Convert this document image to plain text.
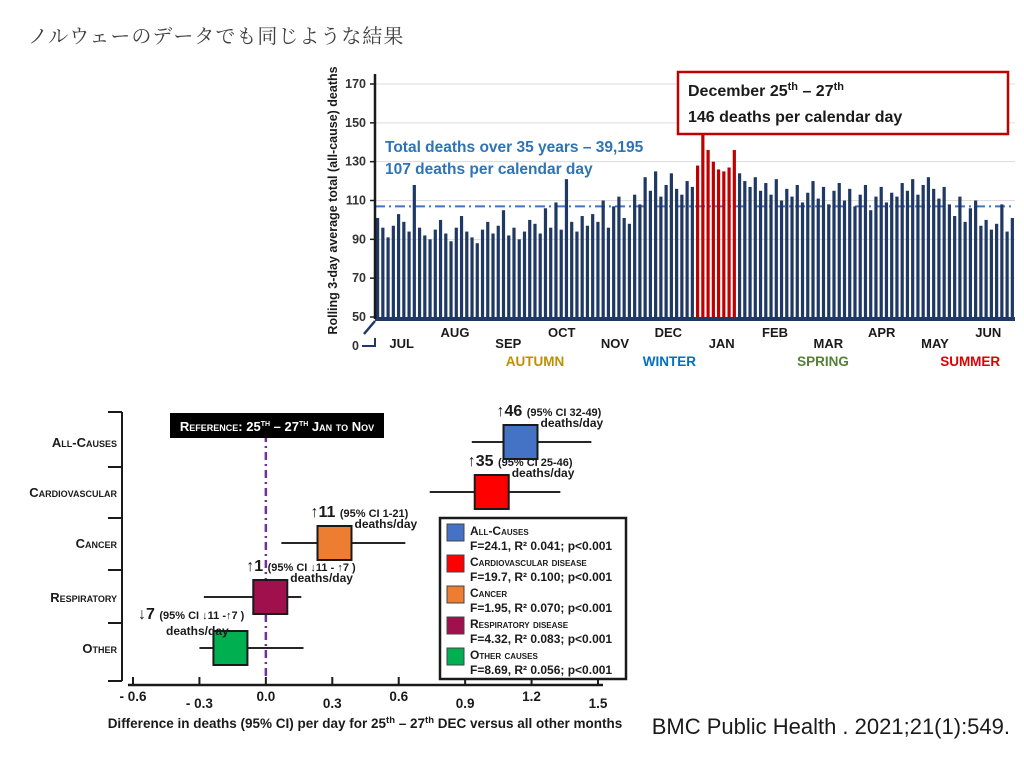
ノルウェーのデータでも同じような結果
50
70
90
110
130
150
170
0
Rolling 3-day average total (all-cause) deaths
JUL
AUG
SEP
OCT
NOV
DEC
JAN
FEB
MAR
APR
MAY
JUN
AUTUMN	WINTER	SPRING	SUMMER
Total deaths over 35 years – 39,195
107 deaths per calendar day
December 25th – 27th
146 deaths per calendar day
All-Causes
Cardiovascular
Cancer
Respiratory
Other
Reference: 25th – 27th Jan to Nov
↑46 (95% CI 32-49)
deaths/day
↑35 (95% CI 25-46)
deaths/day
↑11 (95% CI 1-21)
deaths/day
↑1 (95% CI ↓11 - ↑7 )
deaths/day
↓7 (95% CI ↓11 -↑7 )
deaths/day
- 0.6	- 0.3	0.0	0.3	0.6	0.9	1.2	1.5
Difference in deaths (95% CI) per day for 25th – 27th DEC versus all other months
All-Causes
F=24.1, R² 0.041; p<0.001
Cardiovascular disease
F=19.7, R² 0.100; p<0.001
Cancer
F=1.95, R² 0.070; p<0.001
Respiratory disease
F=4.32, R² 0.083; p<0.001
Other causes
F=8.69, R² 0.056; p<0.001
BMC Public Health . 2021;21(1):549.
